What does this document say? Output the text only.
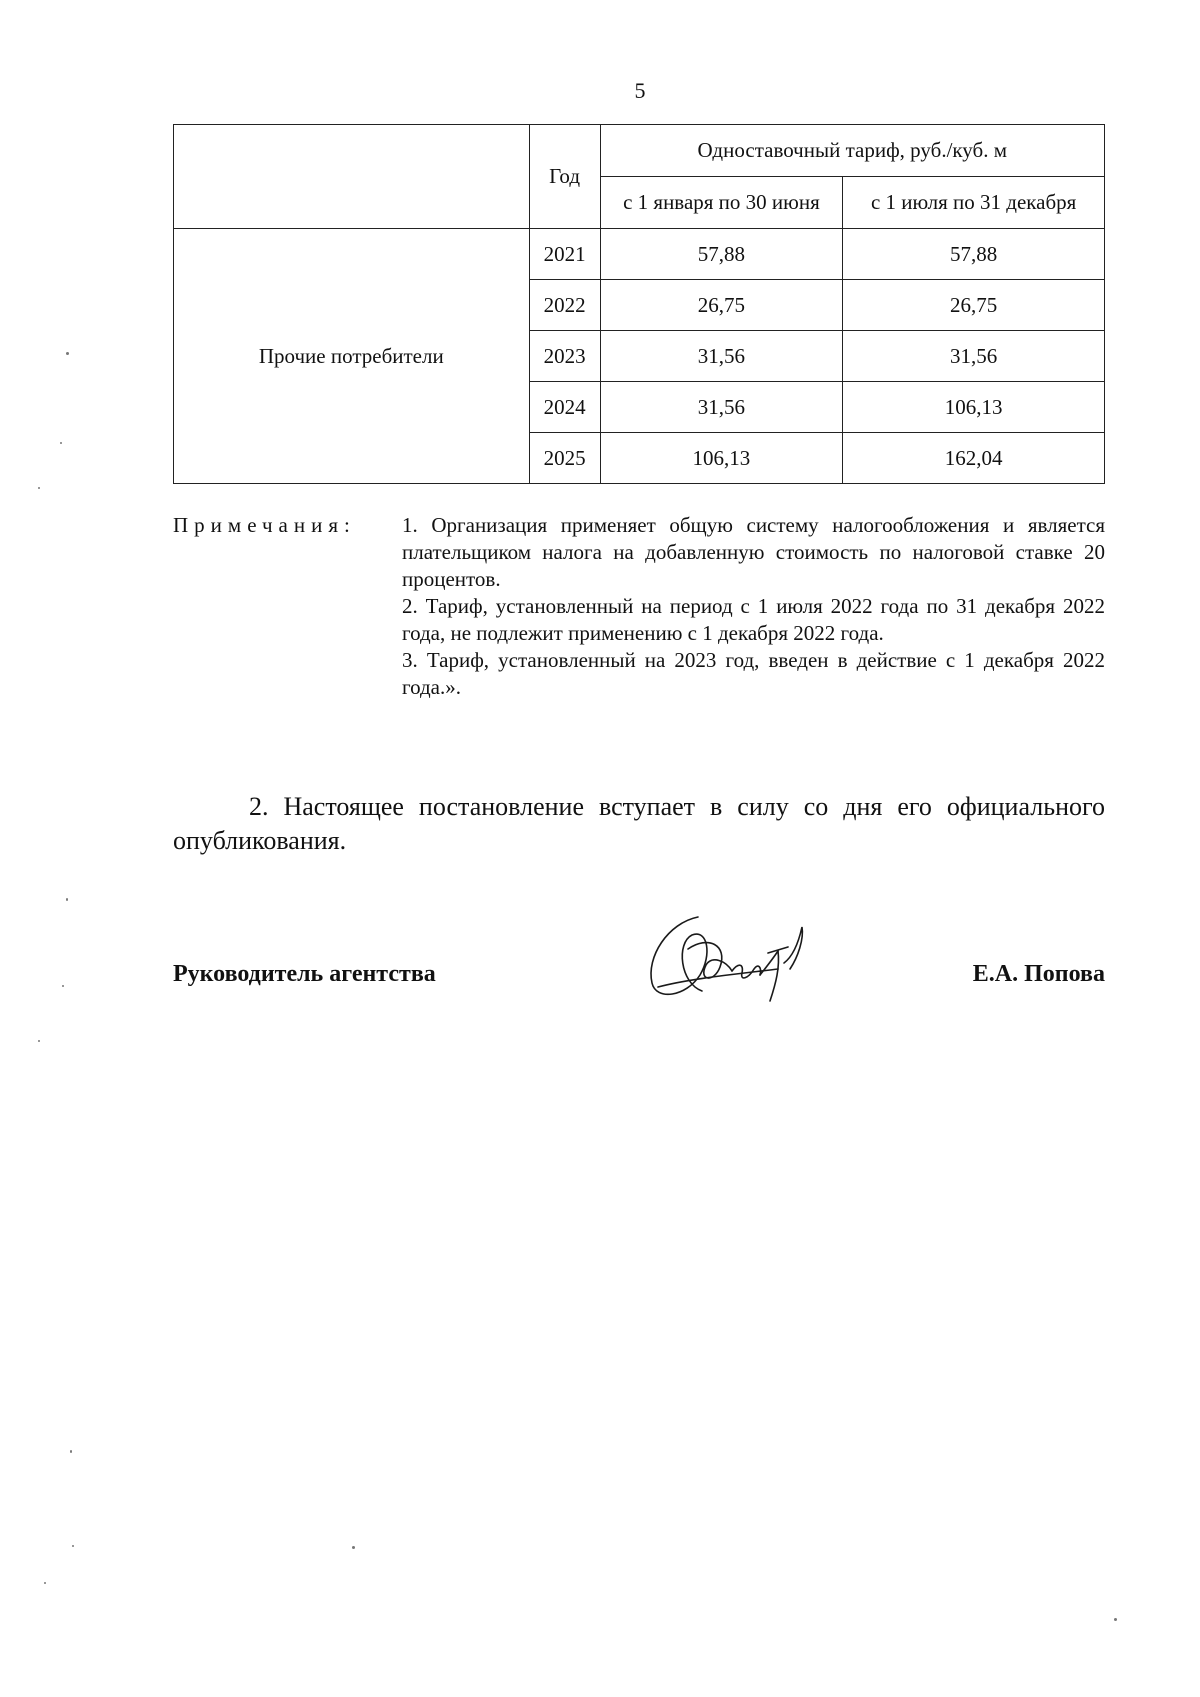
5
	Год	Одноставочный тариф, руб./куб. м	
		с 1 января по 30 июня	с 1 июля по 31 декабря
Прочие потребители	2021	57,88	57,88
	2022	26,75	26,75
	2023	31,56	31,56
	2024	31,56	106,13
	2025	106,13	162,04
Примечания: 1. Организация применяет общую систему налогообложения и является плательщиком налога на добавленную стоимость по налоговой ставке 20 процентов.
2. Тариф, установленный на период с 1 июля 2022 года по 31 декабря 2022 года, не подлежит применению с 1 декабря 2022 года.
3. Тариф, установленный на 2023 год, введен в действие с 1 декабря 2022 года.».
2. Настоящее постановление вступает в силу со дня его официального опубликования.
Руководитель агентства	Е.А. Попова
